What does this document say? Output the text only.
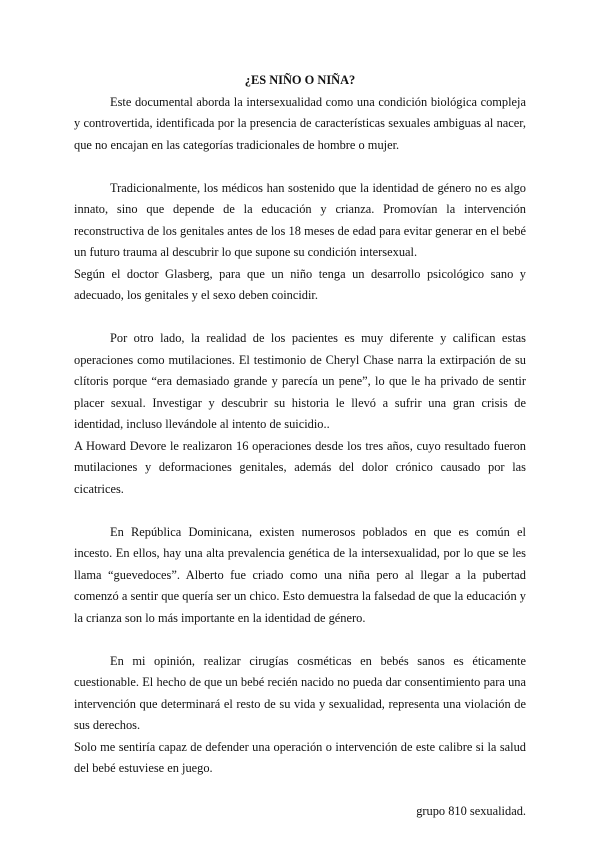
¿ES NIÑO O NIÑA?

Este documental aborda la intersexualidad como una condición biológica compleja y controvertida, identificada por la presencia de características sexuales ambiguas al nacer, que no encajan en las categorías tradicionales de hombre o mujer.

Tradicionalmente, los médicos han sostenido que la identidad de género no es algo innato, sino que depende de la educación y crianza. Promovían la intervención reconstructiva de los genitales antes de los 18 meses de edad para evitar generar en el bebé un futuro trauma al descubrir lo que supone su condición intersexual.

Según el doctor Glasberg, para que un niño tenga un desarrollo psicológico sano y adecuado, los genitales y el sexo deben coincidir.

Por otro lado, la realidad de los pacientes es muy diferente y califican estas operaciones como mutilaciones. El testimonio de Cheryl Chase narra la extirpación de su clítoris porque “era demasiado grande y parecía un pene”, lo que le ha privado de sentir placer sexual. Investigar y descubrir su historia le llevó a sufrir una gran crisis de identidad, incluso llevándole al intento de suicidio..

A Howard Devore le realizaron 16 operaciones desde los tres años, cuyo resultado fueron mutilaciones y deformaciones genitales, además del dolor crónico causado por las cicatrices.

En República Dominicana, existen numerosos poblados en que es común el incesto. En ellos, hay una alta prevalencia genética de la intersexualidad, por lo que se les llama “guevedoces”. Alberto fue criado como una niña pero al llegar a la pubertad comenzó a sentir que quería ser un chico. Esto demuestra la falsedad de que la educación y la crianza son lo más importante en la identidad de género.

En mi opinión, realizar cirugías cosméticas en bebés sanos es éticamente cuestionable. El hecho de que un bebé recién nacido no pueda dar consentimiento para una intervención que determinará el resto de su vida y sexualidad, representa una violación de sus derechos.

Solo me sentiría capaz de defender una operación o intervención de este calibre si la salud del bebé estuviese en juego.

grupo 810 sexualidad.
